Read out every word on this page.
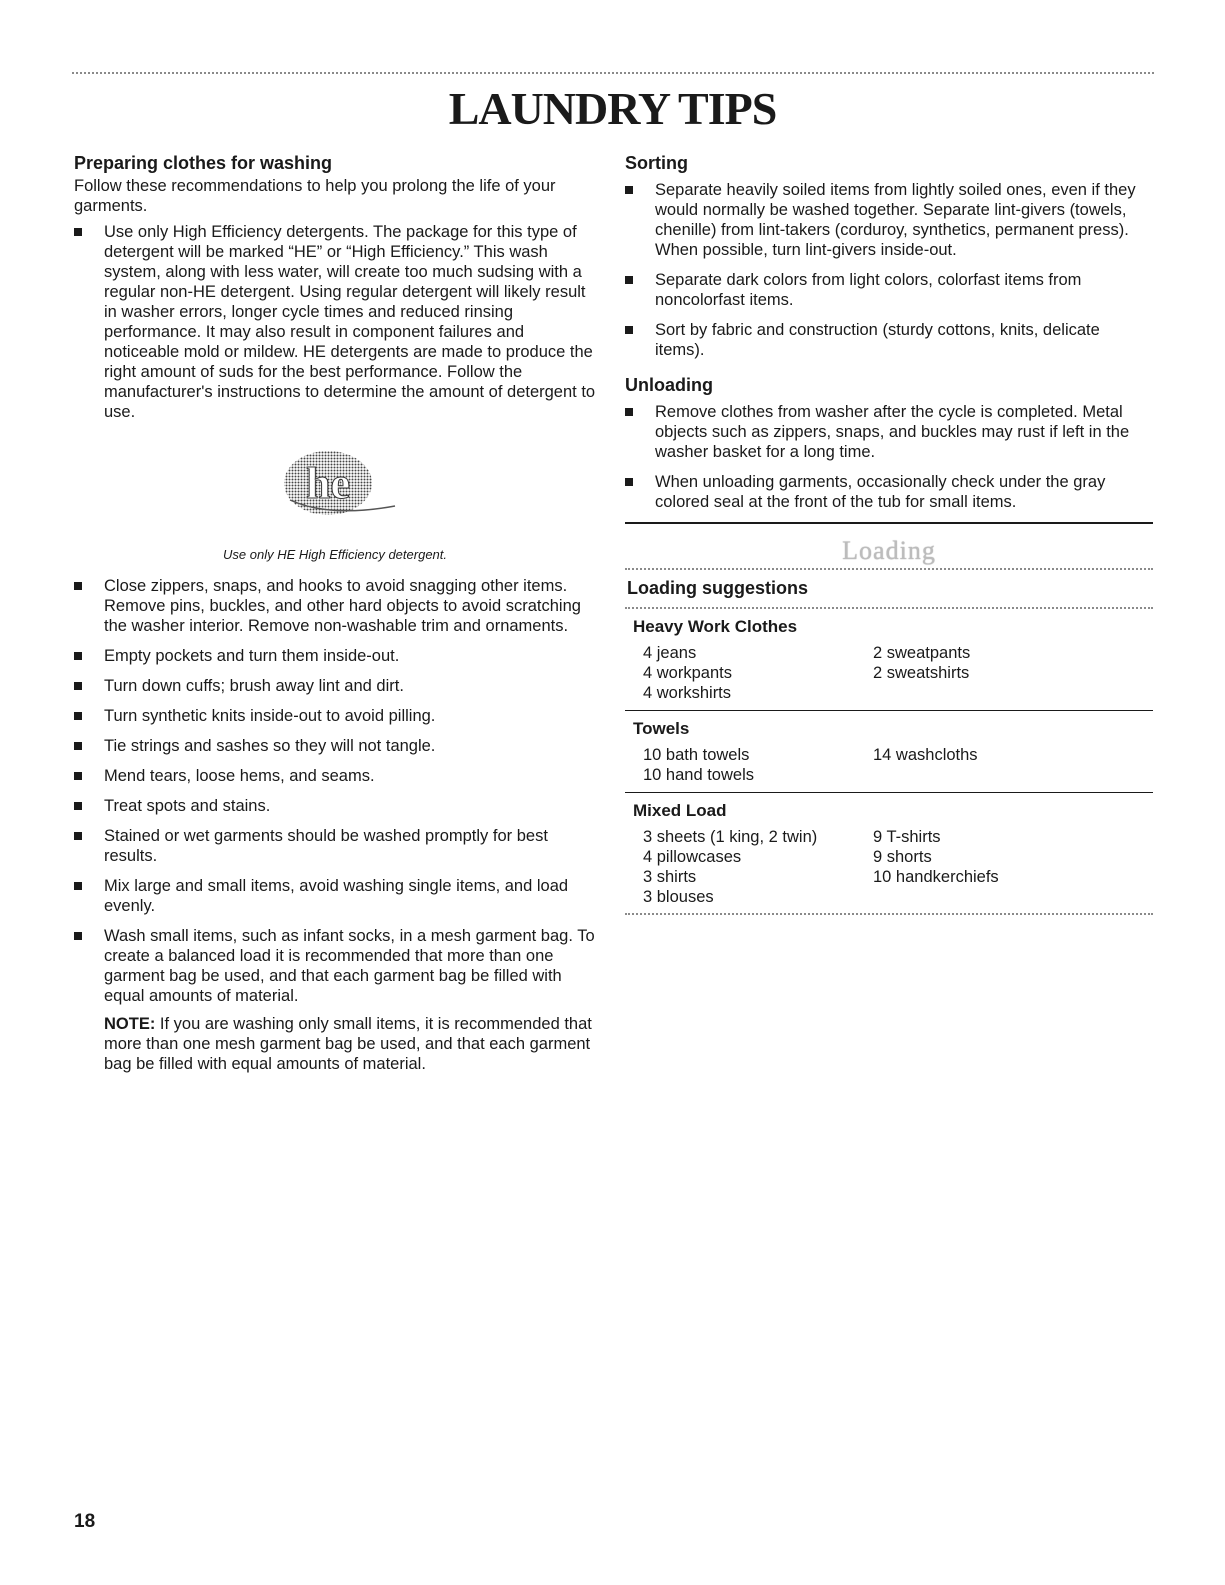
LAUNDRY TIPS
Preparing clothes for washing

Follow these recommendations to help you prolong the life of your garments.

Use only High Efficiency detergents. The package for this type of detergent will be marked “HE” or “High Efficiency.” This wash system, along with less water, will create too much sudsing with a regular non-HE detergent. Using regular detergent will likely result in washer errors, longer cycle times and reduced rinsing performance. It may also result in component failures and noticeable mold or mildew. HE detergents are made to produce the right amount of suds for the best performance. Follow the manufacturer's instructions to determine the amount of detergent to use.
he

Use only HE High Efficiency detergent.

Close zippers, snaps, and hooks to avoid snagging other items. Remove pins, buckles, and other hard objects to avoid scratching the washer interior. Remove non-washable trim and ornaments.
Empty pockets and turn them inside-out.
Turn down cuffs; brush away lint and dirt.
Turn synthetic knits inside-out to avoid pilling.
Tie strings and sashes so they will not tangle.
Mend tears, loose hems, and seams.
Treat spots and stains.
Stained or wet garments should be washed promptly for best results.
Mix large and small items, avoid washing single items, and load evenly.
Wash small items, such as infant socks, in a mesh garment bag. To create a balanced load it is recommended that more than one garment bag be used, and that each garment bag be filled with equal amounts of material.

NOTE: If you are washing only small items, it is recommended that more than one mesh garment bag be used, and that each garment bag be filled with equal amounts of material.

Sorting
Separate heavily soiled items from lightly soiled ones, even if they would normally be washed together. Separate lint-givers (towels, chenille) from lint-takers (corduroy, synthetics, permanent press). When possible, turn lint-givers inside-out.
Separate dark colors from light colors, colorfast items from noncolorfast items.
Sort by fabric and construction (sturdy cottons, knits, delicate items).
Unloading
Remove clothes from washer after the cycle is completed. Metal objects such as zippers, snaps, and buckles may rust if left in the washer basket for a long time.
When unloading garments, occasionally check under the gray colored seal at the front of the tub for small items.
Loading
Loading suggestions
Heavy Work Clothes
4 jeans
4 workpants
4 workshirts
2 sweatpants
2 sweatshirts
Towels
10 bath towels
10 hand towels
14 washcloths
Mixed Load
3 sheets (1 king, 2 twin)
4 pillowcases
3 shirts
3 blouses
9 T-shirts
9 shorts
10 handkerchiefs

18
